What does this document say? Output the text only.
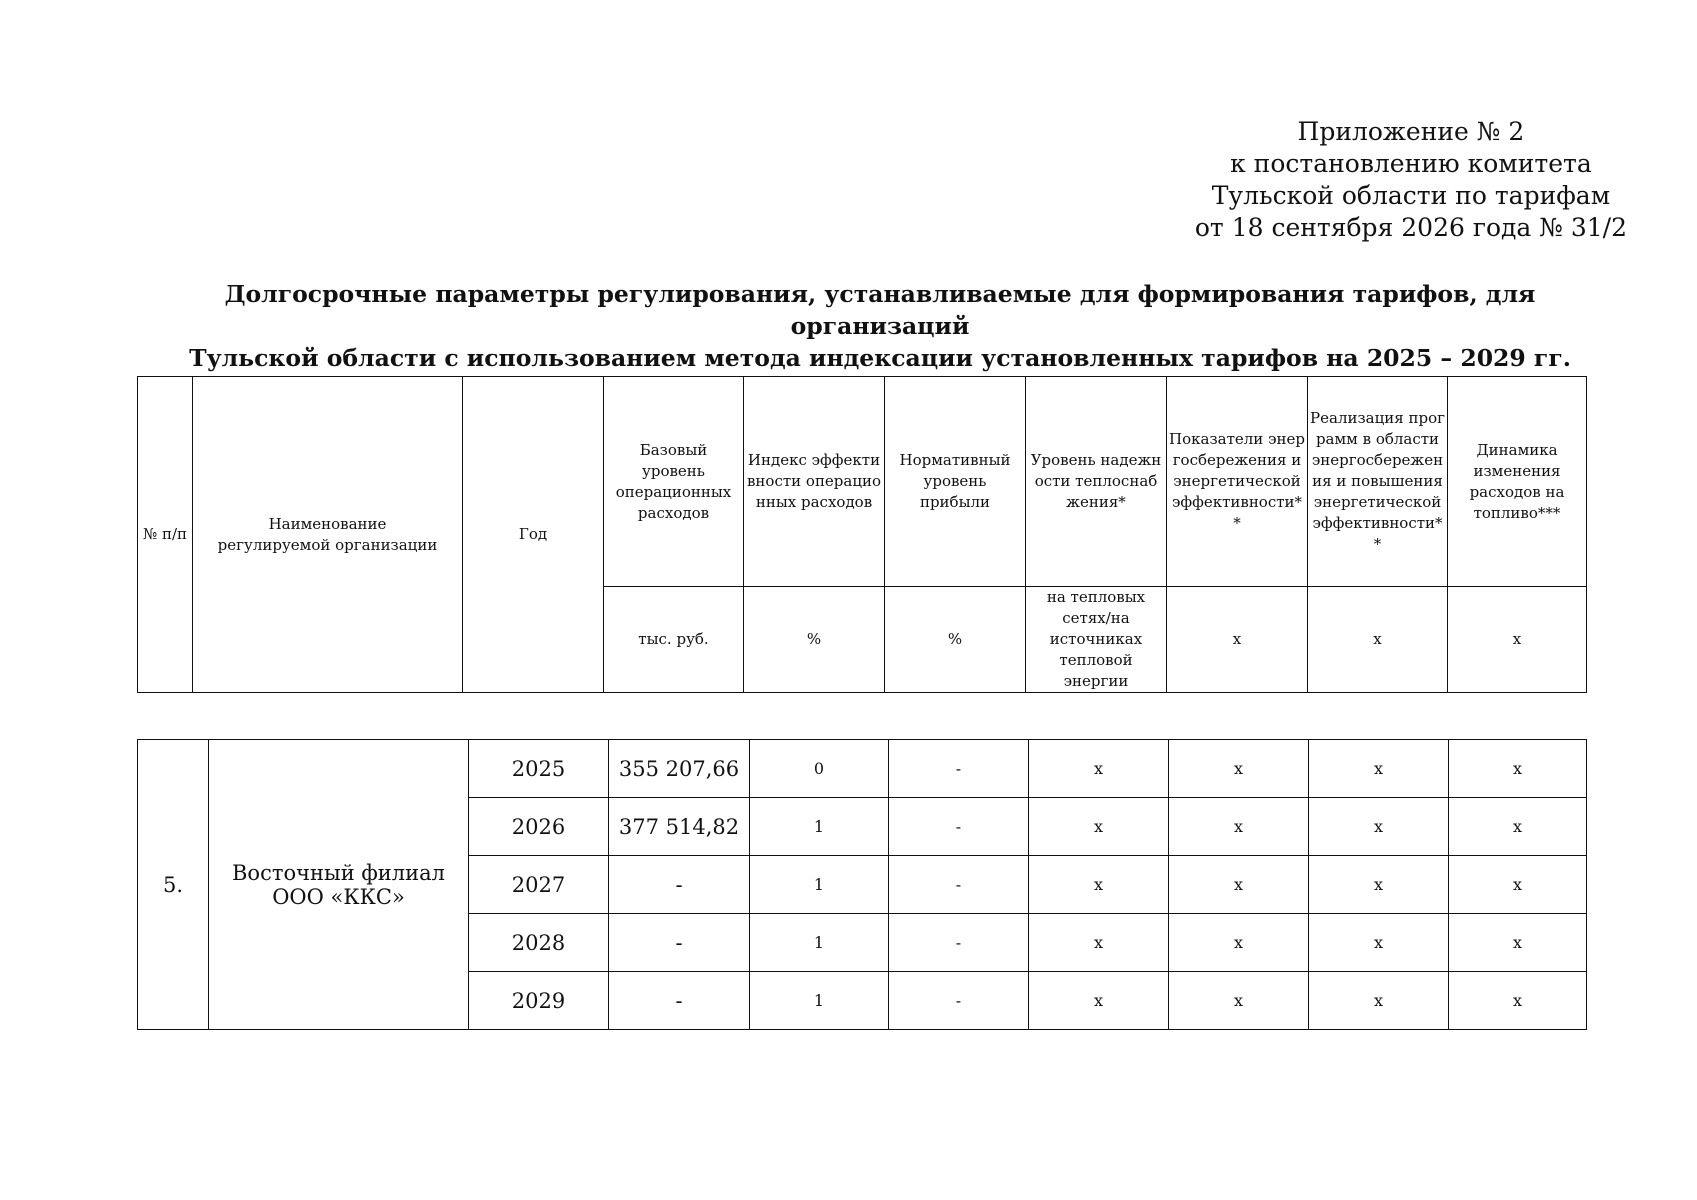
Приложение № 2
к постановлению комитета
Тульской области по тарифам
от 18 сентября 2026 года № 31/2
Долгосрочные параметры регулирования, устанавливаемые для формирования тарифов, для организаций
Тульской области с использованием метода индексации установленных тарифов на 2025 – 2029 гг.
№ п/п	Наименование регулируемой организации	Год	Базовый уровень операционных расходов	Индекс эффективности операционных расходов	Нормативный уровень прибыли	Уровень надежности теплоснабжения*	Показатели энергосбережения и энергетической эффективности**	Реализация программ в области энергосбережения и повышения энергетической эффективности**	Динамика изменения расходов на топливо***
			тыс. руб.	%	%	на тепловых сетях/на источниках тепловой энергии	х	х	х
5.	Восточный филиал ООО «ККС»	2025	355 207,66	0	-	х	х	х	х
		2026	377 514,82	1	-	х	х	х	х
		2027	-	1	-	х	х	х	х
		2028	-	1	-	х	х	х	х
		2029	-	1	-	х	х	х	х
